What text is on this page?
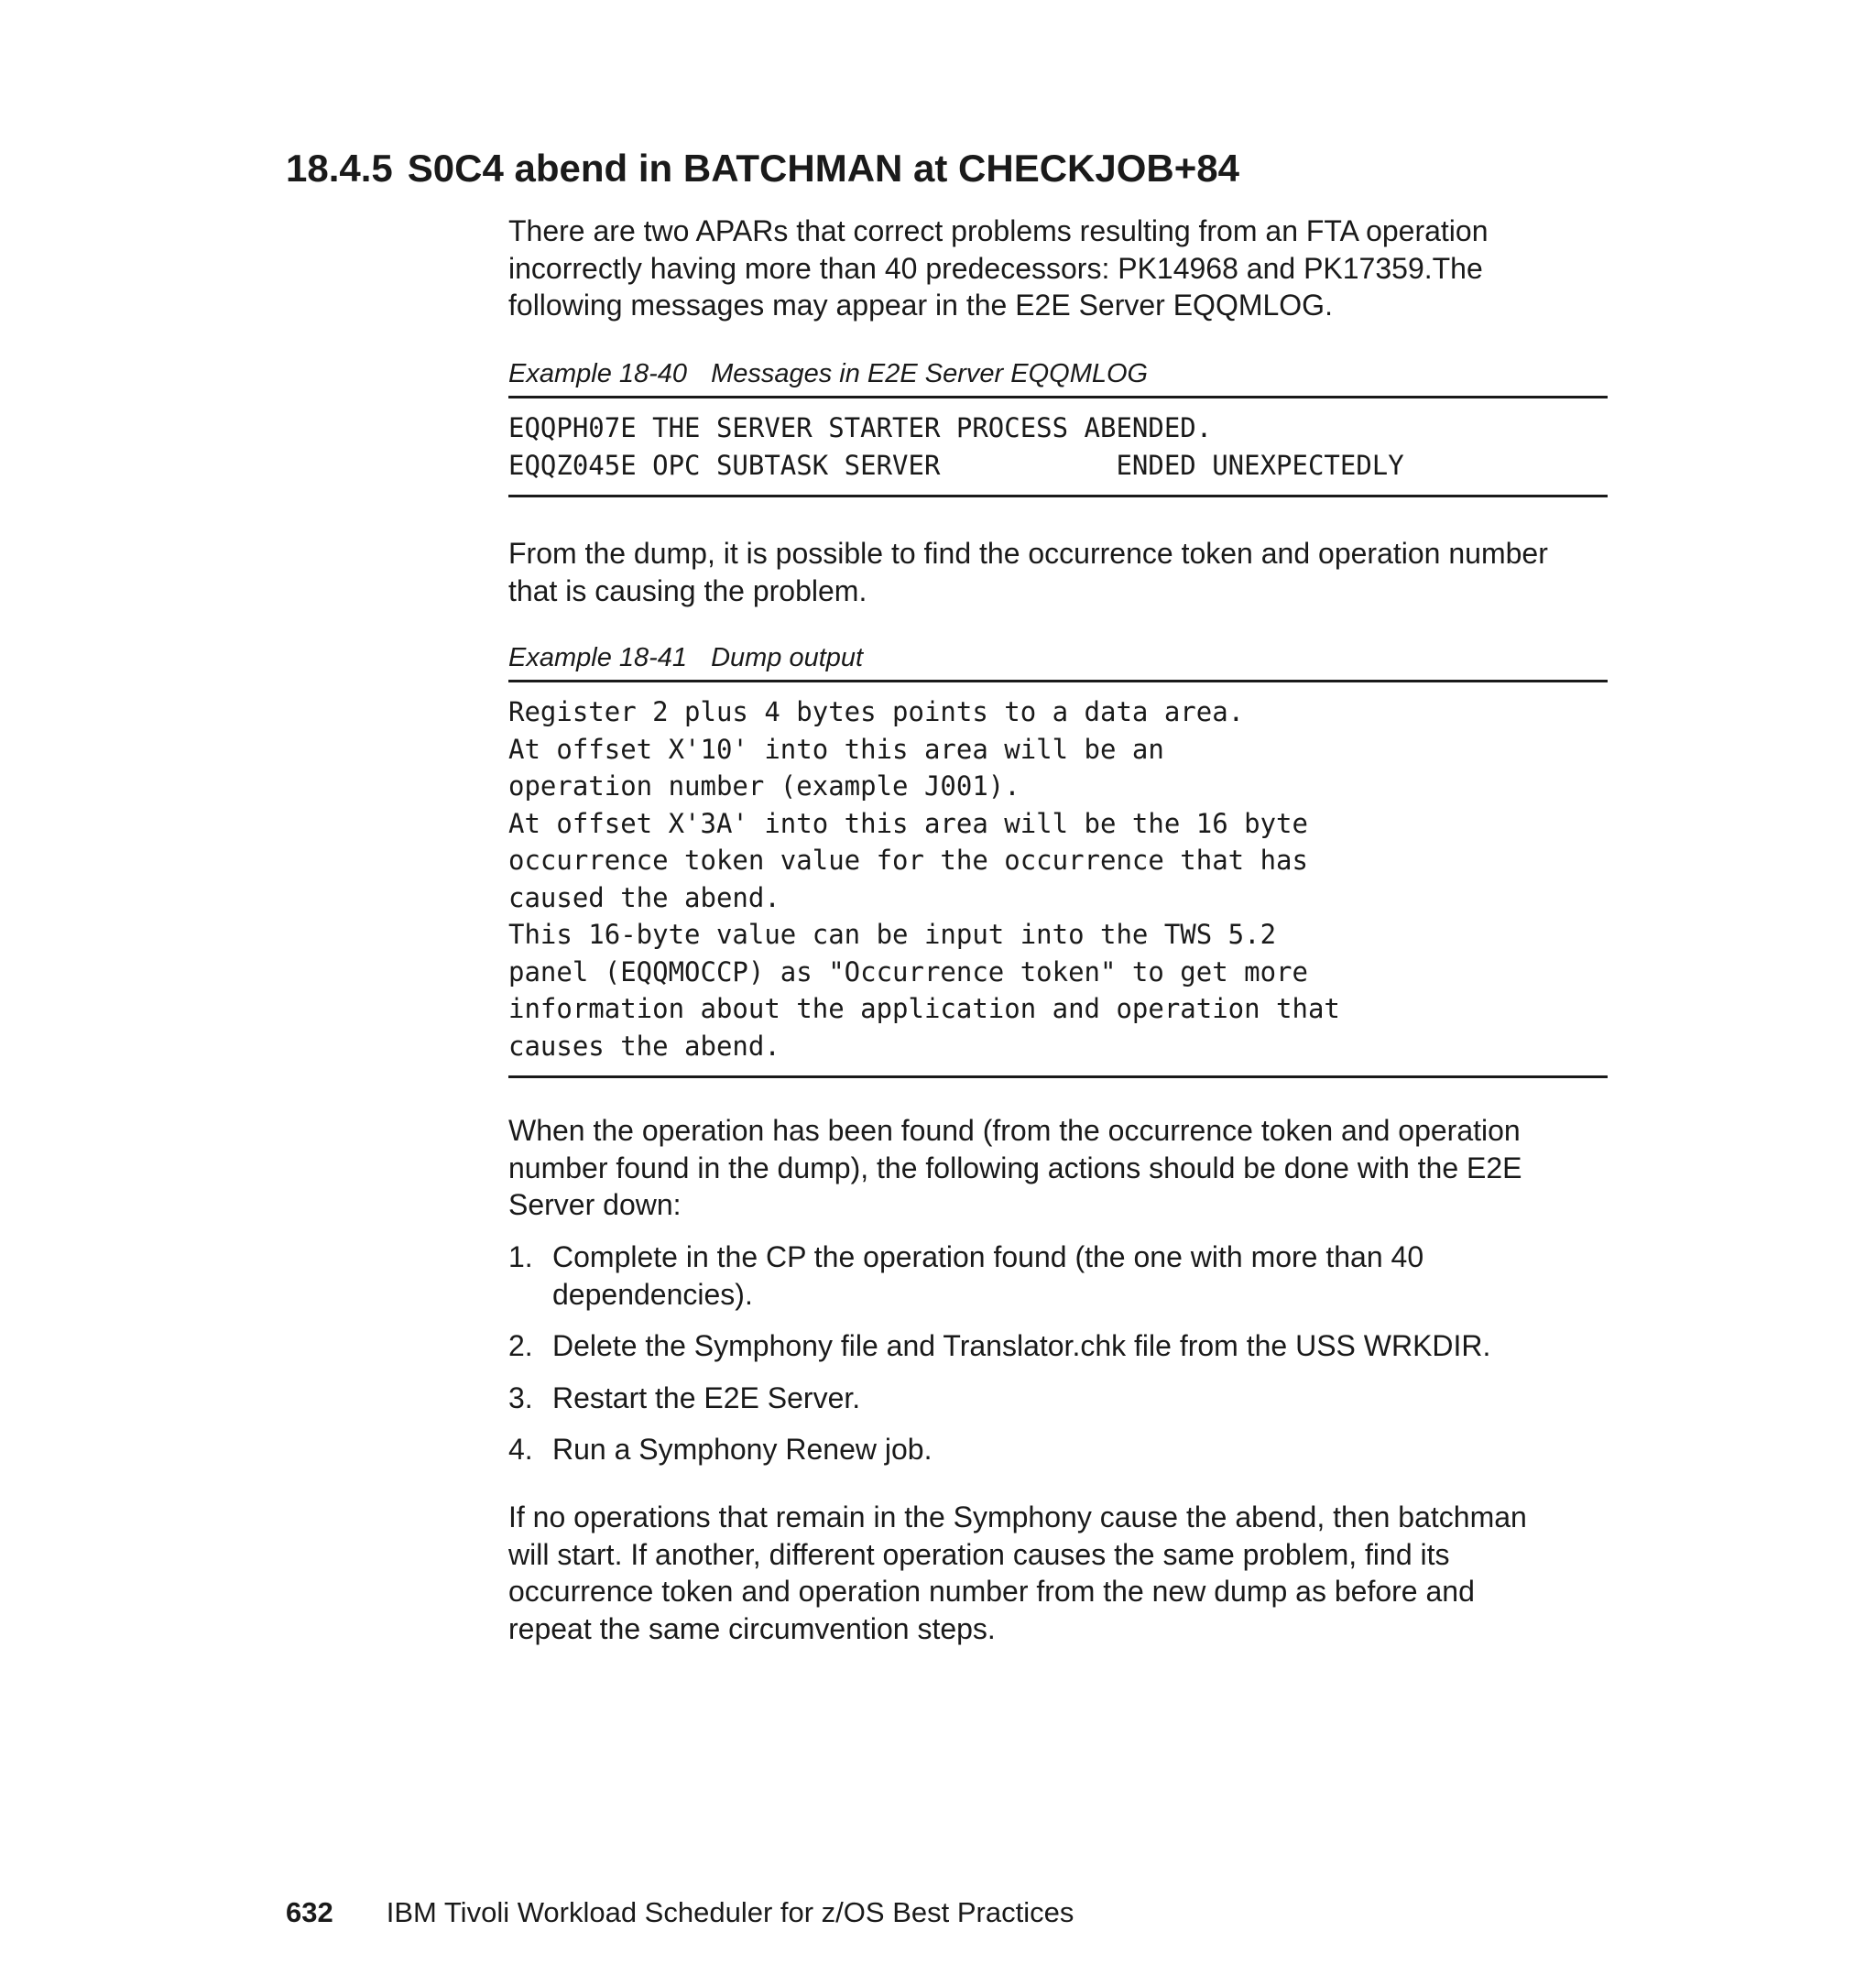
18.4.5 S0C4 abend in BATCHMAN at CHECKJOB+84

There are two APARs that correct problems resulting from an FTA operation

incorrectly having more than 40 predecessors: PK14968 and PK17359.The

following messages may appear in the E2E Server EQQMLOG.

Example 18-40 Messages in E2E Server EQQMLOG

EQQPH07E THE SERVER STARTER PROCESS ABENDED.
EQQZ045E OPC SUBTASK SERVER           ENDED UNEXPECTEDLY

From the dump, it is possible to find the occurrence token and operation number

that is causing the problem.

Example 18-41 Dump output

Register 2 plus 4 bytes points to a data area.
At offset X'10' into this area will be an
operation number (example J001).
At offset X'3A' into this area will be the 16 byte
occurrence token value for the occurrence that has
caused the abend.
This 16-byte value can be input into the TWS 5.2
panel (EQQMOCCP) as "Occurrence token" to get more
information about the application and operation that
causes the abend.

When the operation has been found (from the occurrence token and operation

number found in the dump), the following actions should be done with the E2E

Server down:

1. Complete in the CP the operation found (the one with more than 40
dependencies).
2. Delete the Symphony file and Translator.chk file from the USS WRKDIR.
3. Restart the E2E Server.
4. Run a Symphony Renew job.

If no operations that remain in the Symphony cause the abend, then batchman

will start. If another, different operation causes the same problem, find its

occurrence token and operation number from the new dump as before and

repeat the same circumvention steps.

632 IBM Tivoli Workload Scheduler for z/OS Best Practices
